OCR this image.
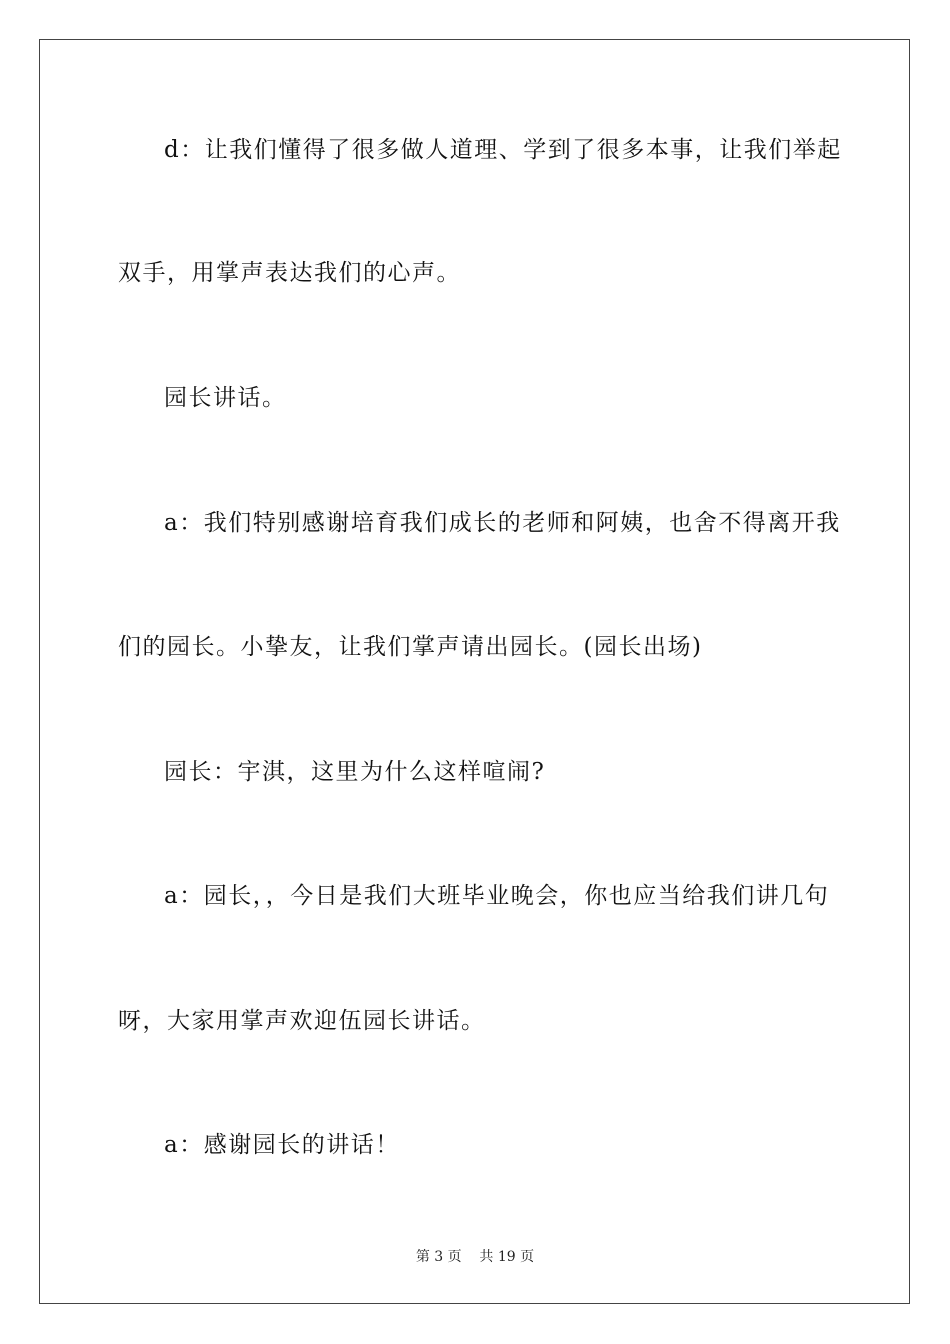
d：让我们懂得了很多做人道理、学到了很多本事，让我们举起
双手，用掌声表达我们的心声。
园长讲话。
a：我们特别感谢培育我们成长的老师和阿姨，也舍不得离开我
们的园长。小挚友，让我们掌声请出园长。(园长出场)
园长：宇淇，这里为什么这样喧闹?
a：园长，，今日是我们大班毕业晚会，你也应当给我们讲几句
呀，大家用掌声欢迎伍园长讲话。
a：感谢园长的讲话！
第 3 页    共 19 页
